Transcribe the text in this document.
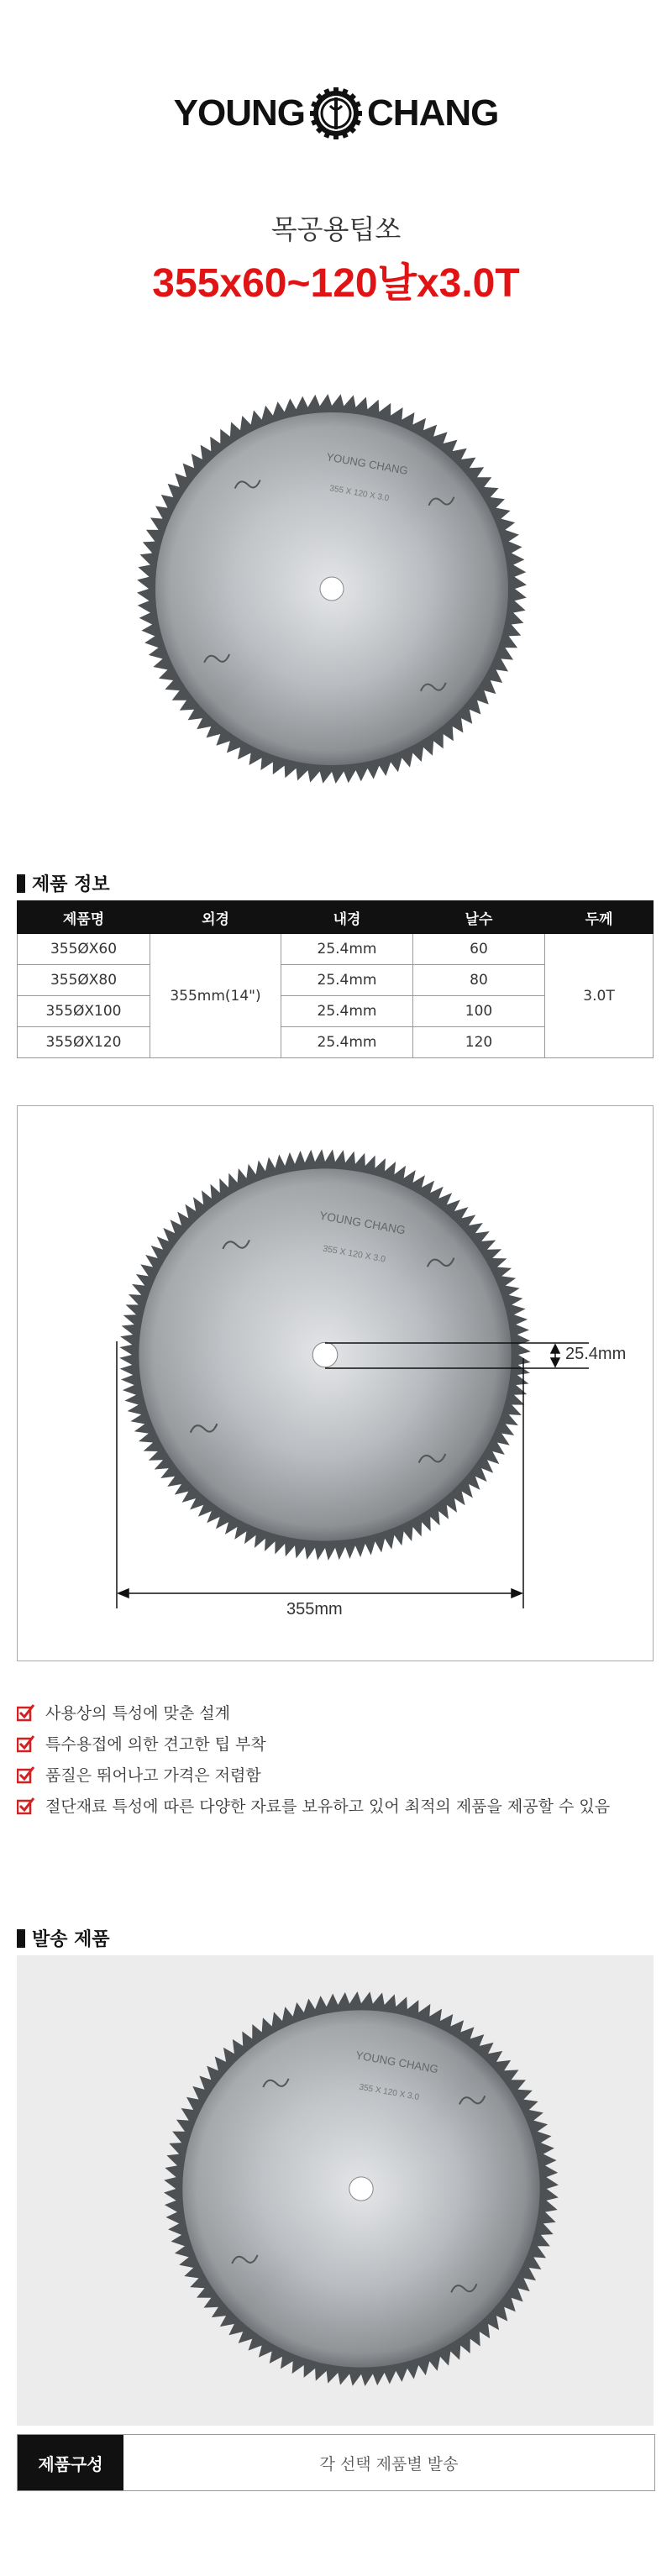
YOUNG CHANG
목공용팁쏘
355x60~120날x3.0T
YOUNG CHANG
355 X 120 X 3.0
제품 정보
제품명	외경	내경	날수	두께
355ØX60	355mm(14")	25.4mm	60	3.0T
355ØX80		25.4mm	80	
355ØX100		25.4mm	100	
355ØX120		25.4mm	120	
YOUNG CHANG
355 X 120 X 3.0
25.4mm
355mm
사용상의 특성에 맞춘 설계
특수용접에 의한 견고한 팁 부착
품질은 뛰어나고 가격은 저렴함
절단재료 특성에 따른 다양한 자료를 보유하고 있어 최적의 제품을 제공할 수 있음
발송 제품
YOUNG CHANG
355 X 120 X 3.0
제품구성	각 선택 제품별 발송
